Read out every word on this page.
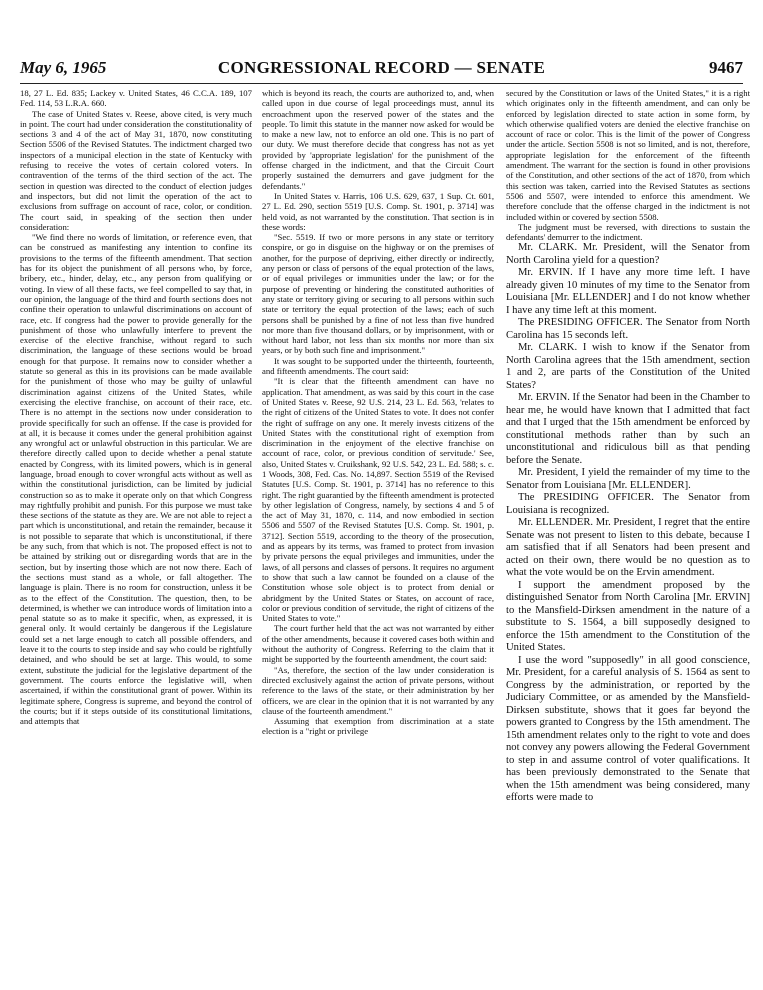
May 6, 1965	CONGRESSIONAL RECORD — SENATE	9467

18, 27 L. Ed. 835; Lackey v. United States, 46 C.C.A. 189, 107 Fed. 114, 53 L.R.A. 660.

The case of United States v. Reese, above cited, is very much in point. The court had under consideration the constitutionality of sections 3 and 4 of the act of May 31, 1870, now constituting Section 5506 of the Revised Statutes. The indictment charged two inspectors of a municipal election in the state of Kentucky with refusing to receive the votes of certain colored voters. In contravention of the terms of the third section of the act. The section in question was directed to the conduct of election judges and inspectors, but did not limit the operation of the act to exclusions from suffrage on account of race, color, or condition. The court said, in speaking of the section then under consideration:

"We find there no words of limitation, or reference even, that can be construed as manifesting any intention to confine its provisions to the terms of the fifteenth amendment. That section has for its object the punishment of all persons who, by force, bribery, etc., hinder, delay, etc., any person from qualifying or voting. In view of all these facts, we feel compelled to say that, in our opinion, the language of the third and fourth sections does not confine their operation to unlawful discriminations on account of race, etc. If congress had the power to provide generally for the punishment of those who unlawfully interfere to prevent the exercise of the elective franchise, without regard to such discrimination, the language of these sections would be broad enough for that purpose. It remains now to consider whether a statute so general as this in its provisions can be made available for the punishment of those who may be guilty of unlawful discrimination against citizens of the United States, while exercising the elective franchise, on account of their race, etc. There is no attempt in the sections now under consideration to provide specifically for such an offense. If the case is provided for at all, it is because it comes under the general prohibition against any wrongful act or unlawful obstruction in this particular. We are therefore directly called upon to decide whether a penal statute enacted by Congress, with its limited powers, which is in general language, broad enough to cover wrongful acts without as well as within the constitutional jurisdiction, can be limited by judicial construction so as to make it operate only on that which Congress may rightfully prohibit and punish. For this purpose we must take these sections of the statute as they are. We are not able to reject a part which is unconstitutional, and retain the remainder, because it is not possible to separate that which is unconstitutional, if there be any such, from that which is not. The proposed effect is not to be attained by striking out or disregarding words that are in the section, but by inserting those which are not now there. Each of the sections must stand as a whole, or fall altogether. The language is plain. There is no room for construction, unless it be as to the effect of the Constitution. The question, then, to be determined, is whether we can introduce words of limitation into a penal statute so as to make it specific, when, as expressed, it is general only. It would certainly be dangerous if the Legislature could set a net large enough to catch all possible offenders, and leave it to the courts to step inside and say who could be rightfully detained, and who should be set at large. This would, to some extent, substitute the judicial for the legislative department of the government. The courts enforce the legislative will, when ascertained, if within the constitutional grant of power. Within its legitimate sphere, Congress is supreme, and beyond the control of the courts; but if it steps outside of its constitutional limitations, and attempts that

which is beyond its reach, the courts are authorized to, and, when called upon in due course of legal proceedings must, annul its encroachment upon the reserved power of the states and the people. To limit this statute in the manner now asked for would be to make a new law, not to enforce an old one. This is no part of our duty. We must therefore decide that congress has not as yet provided by 'appropriate legislation' for the punishment of the offense charged in the indictment, and that the Circuit Court properly sustained the demurrers and gave judgment for the defendants."

In United States v. Harris, 106 U.S. 629, 637, 1 Sup. Ct. 601, 27 L. Ed. 290, section 5519 [U.S. Comp. St. 1901, p. 3714] was held void, as not warranted by the constitution. That section is in these words:

"Sec. 5519. If two or more persons in any state or territory conspire, or go in disguise on the highway or on the premises of another, for the purpose of depriving, either directly or indirectly, any person or class of persons of the equal protection of the laws, or of equal privileges or immunities under the law; or for the purpose of preventing or hindering the constituted authorities of any state or territory giving or securing to all persons within such state or territory the equal protection of the laws; each of such persons shall be punished by a fine of not less than five hundred nor more than five thousand dollars, or by imprisonment, with or without hard labor, not less than six months nor more than six years, or by both such fine and imprisonment."

It was sought to be supported under the thirteenth, fourteenth, and fifteenth amendments. The court said:

"It is clear that the fifteenth amendment can have no application. That amendment, as was said by this court in the case of United States v. Reese, 92 U.S. 214, 23 L. Ed. 563, 'relates to the right of citizens of the United States to vote. It does not confer the right of suffrage on any one. It merely invests citizens of the United States with the constitutional right of exemption from discrimination in the enjoyment of the elective franchise on account of race, color, or previous condition of servitude.' See, also, United States v. Cruikshank, 92 U.S. 542, 23 L. Ed. 588; s. c. 1 Woods, 308, Fed. Cas. No. 14,897. Section 5519 of the Revised Statutes [U.S. Comp. St. 1901, p. 3714] has no reference to this right. The right guarantied by the fifteenth amendment is protected by other legislation of Congress, namely, by sections 4 and 5 of the act of May 31, 1870, c. 114, and now embodied in section 5506 and 5507 of the Revised Statutes [U.S. Comp. St. 1901, p. 3712]. Section 5519, according to the theory of the prosecution, and as appears by its terms, was framed to protect from invasion by private persons the equal privileges and immunities, under the laws, of all persons and classes of persons. It requires no argument to show that such a law cannot be founded on a clause of the Constitution whose sole object is to protect from denial or abridgment by the United States or States, on account of race, color or previous condition of servitude, the right of citizens of the United States to vote."

The court further held that the act was not warranted by either of the other amendments, because it covered cases both within and without the authority of Congress. Referring to the claim that it might be supported by the fourteenth amendment, the court said:

"As, therefore, the section of the law under consideration is directed exclusively against the action of private persons, without reference to the laws of the state, or their administration by her officers, we are clear in the opinion that it is not warranted by any clause of the fourteenth amendment."

Assuming that exemption from discrimination at a state election is a "right or privilege

secured by the Constitution or laws of the United States," it is a right which originates only in the fifteenth amendment, and can only be enforced by legislation directed to state action in some form, by which otherwise qualified voters are denied the elective franchise on account of race or color. This is the limit of the power of Congress under the article. Section 5508 is not so limited, and is not, therefore, appropriate legislation for the enforcement of the fifteenth amendment. The warrant for the section is found in other provisions of the Constitution, and other sections of the act of 1870, from which this section was taken, carried into the Revised Statutes as sections 5506 and 5507, were intended to enforce this amendment. We therefore conclude that the offense charged in the indictment is not included within or covered by section 5508.

The judgment must be reversed, with directions to sustain the defendants' demurrer to the indictment.

Mr. CLARK. Mr. President, will the Senator from North Carolina yield for a question?

Mr. ERVIN. If I have any more time left. I have already given 10 minutes of my time to the Senator from Louisiana [Mr. ELLENDER] and I do not know whether I have any time left at this moment.

The PRESIDING OFFICER. The Senator from North Carolina has 15 seconds left.

Mr. CLARK. I wish to know if the Senator from North Carolina agrees that the 15th amendment, section 1 and 2, are parts of the Constitution of the United States?

Mr. ERVIN. If the Senator had been in the Chamber to hear me, he would have known that I admitted that fact and that I urged that the 15th amendment be enforced by constitutional methods rather than by such an unconstitutional and ridiculous bill as that pending before the Senate.

Mr. President, I yield the remainder of my time to the Senator from Louisiana [Mr. ELLENDER].

The PRESIDING OFFICER. The Senator from Louisiana is recognized.

Mr. ELLENDER. Mr. President, I regret that the entire Senate was not present to listen to this debate, because I am satisfied that if all Senators had been present and acted on their own, there would be no question as to what the vote would be on the Ervin amendment.

I support the amendment proposed by the distinguished Senator from North Carolina [Mr. ERVIN] to the Mansfield-Dirksen amendment in the nature of a substitute to S. 1564, a bill supposedly designed to enforce the 15th amendment to the Constitution of the United States.

I use the word "supposedly" in all good conscience, Mr. President, for a careful analysis of S. 1564 as sent to Congress by the administration, or reported by the Judiciary Committee, or as amended by the Mansfield-Dirksen substitute, shows that it goes far beyond the powers granted to Congress by the 15th amendment. The 15th amendment relates only to the right to vote and does not convey any powers allowing the Federal Government to step in and assume control of voter qualifications. It has been previously demonstrated to the Senate that when the 15th amendment was being considered, many efforts were made to
